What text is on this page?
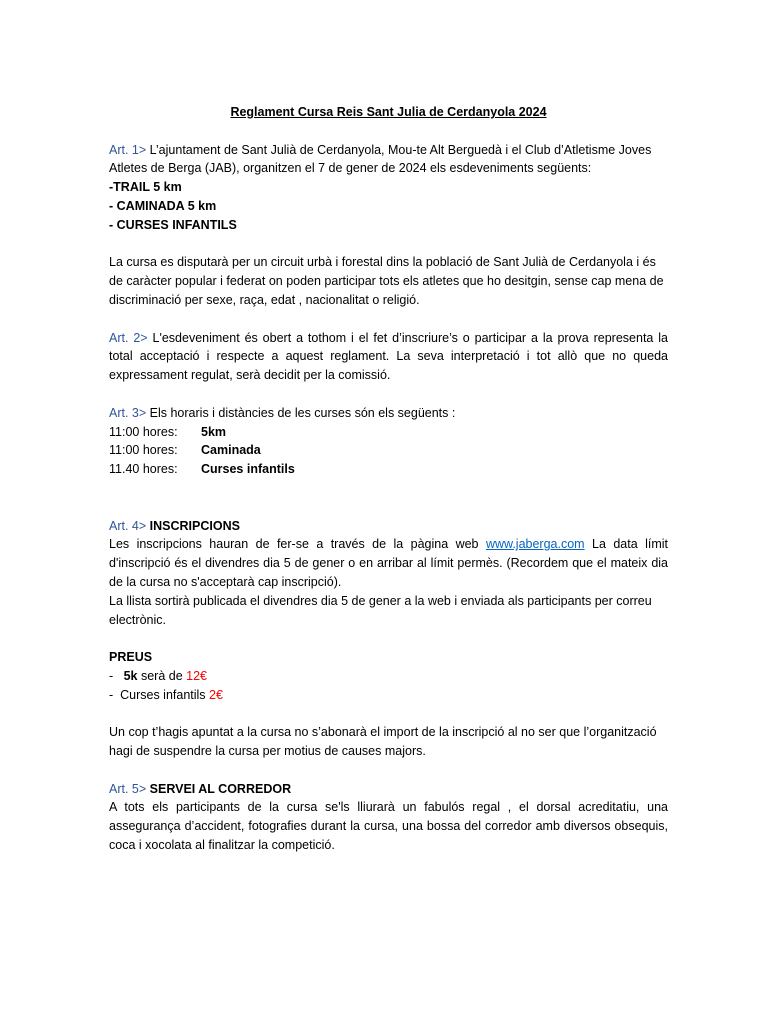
Reglament Cursa Reis Sant Julia de Cerdanyola 2024

Art. 1> L’ajuntament de Sant Julià de Cerdanyola, Mou-te Alt Berguedà i el Club d’Atletisme Joves Atletes de Berga (JAB), organitzen el 7 de gener de 2024 els esdeveniments següents:

-TRAIL 5 km

- CAMINADA 5 km

- CURSES INFANTILS

La cursa es disputarà per un circuit urbà i forestal dins la població de Sant Julià de Cerdanyola i és de caràcter popular i federat on poden participar tots els atletes que ho desitgin, sense cap mena de discriminació per sexe, raça, edat , nacionalitat o religió.

Art. 2> L'esdeveniment és obert a tothom i el fet d’inscriure’s o participar a la prova representa la total acceptació i respecte a aquest reglament. La seva interpretació i tot allò que no queda expressament regulat, serà decidit per la comissió.

Art. 3> Els horaris i distàncies de les curses són els següents :

11:00 hores: 5km

11:00 hores: Caminada

11.40 hores: Curses infantils

Art. 4> INSCRIPCIONS

Les inscripcions hauran de fer-se a través de la pàgina web www.jaberga.com La data límit d'inscripció és el divendres dia 5 de gener o en arribar al límit permès. (Recordem que el mateix dia de la cursa no s'acceptarà cap inscripció).

La llista sortirà publicada el divendres dia 5 de gener a la web i enviada als participants per correu electrònic.

PREUS

-   5k serà de 12€

-  Curses infantils 2€

Un cop t’hagis apuntat a la cursa no s’abonarà el import de la inscripció al no ser que l’organització hagi de suspendre la cursa per motius de causes majors.

Art. 5> SERVEI AL CORREDOR

A tots els participants de la cursa se'ls lliurarà un fabulós regal , el dorsal acreditatiu, una assegurança d’accident, fotografies durant la cursa, una bossa del corredor amb diversos obsequis, coca i xocolata al finalitzar la competició.
